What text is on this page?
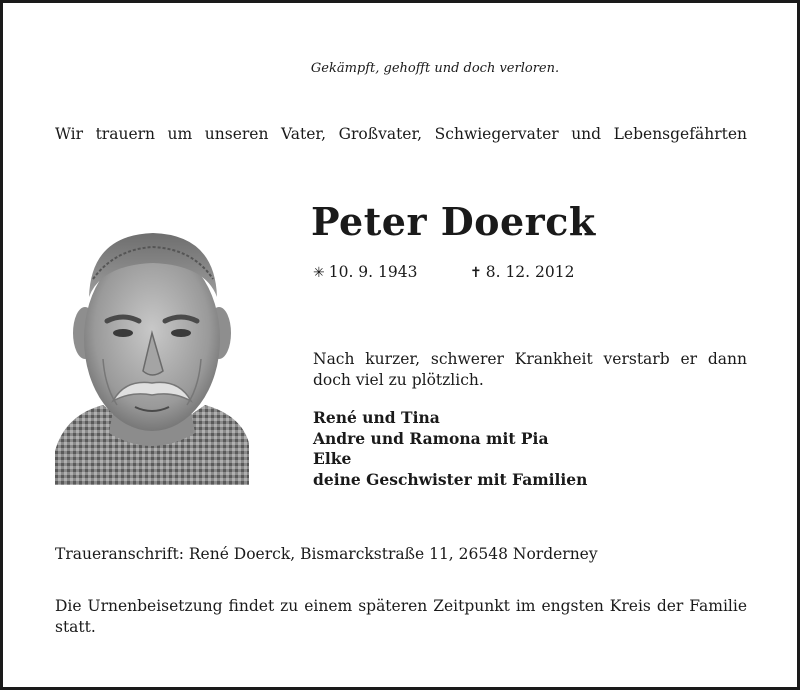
Gekämpft, gehofft und doch verloren.
Wir trauern um unseren Vater, Großvater, Schwiegervater und Lebensgefährten
Peter Doerck
✳ 10. 9. 1943	✝ 8. 12. 2012
Nach kurzer, schwerer Krankheit verstarb er dann doch viel zu plötzlich.
René und Tina
Andre und Ramona mit Pia
Elke
deine Geschwister mit Familien
Traueranschrift: René Doerck, Bismarckstraße 11, 26548 Norderney
Die Urnenbeisetzung findet zu einem späteren Zeitpunkt im engsten Kreis der Familie statt.
